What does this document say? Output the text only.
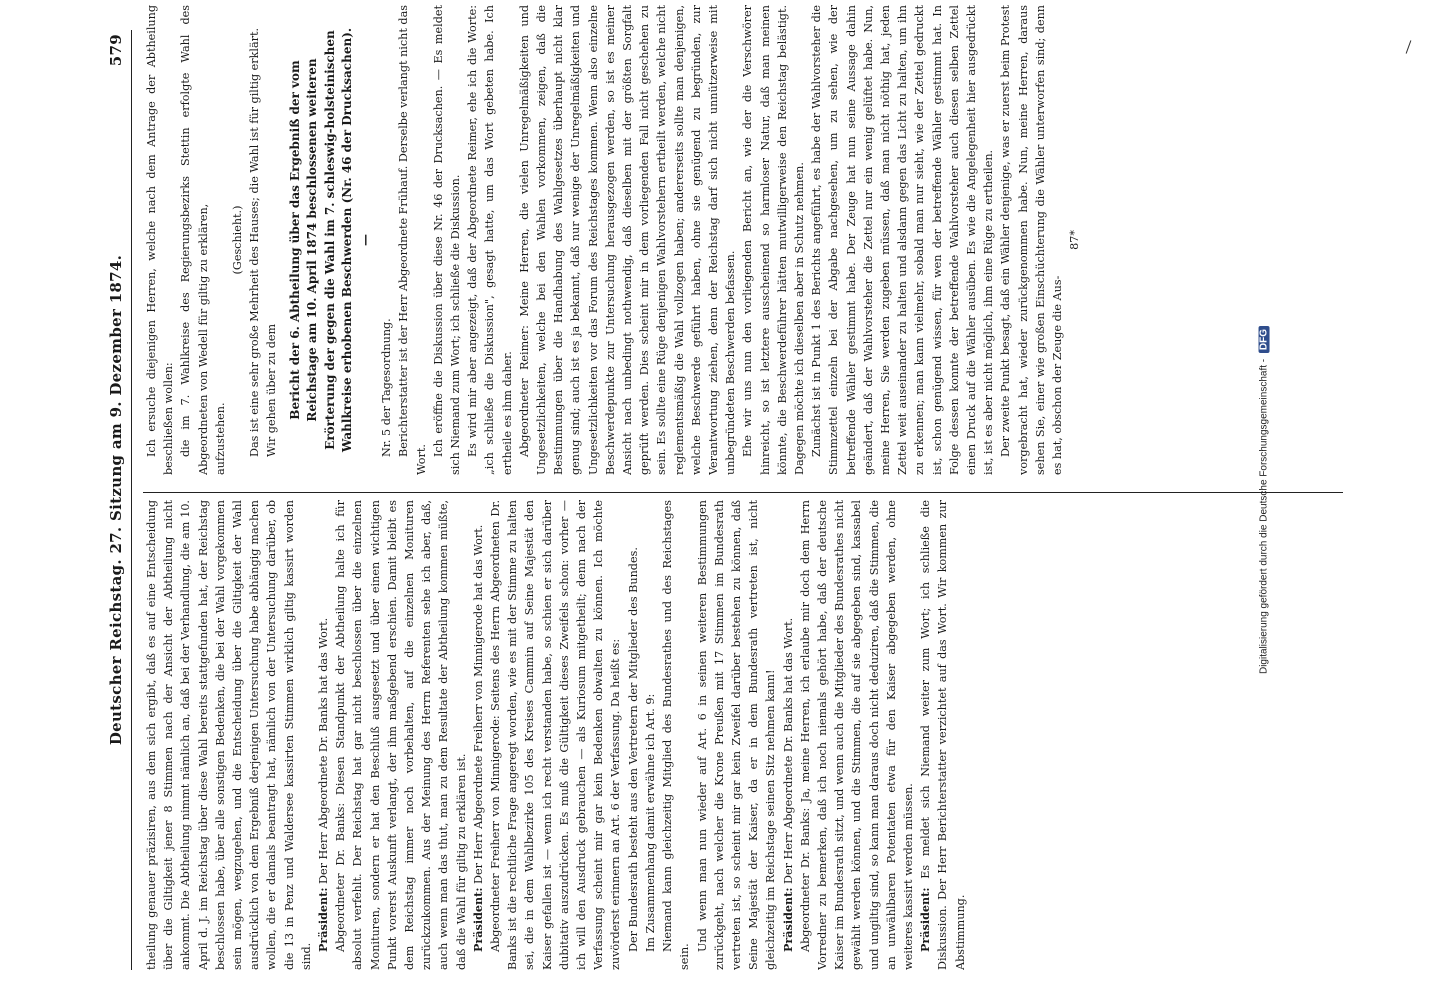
Deutscher Reichstag. 27. Sitzung am 9. Dezember 1874.
579

theilung genauer präzisiren, aus dem sich ergibt, daß es auf eine Entscheidung über die Giltigkeit jener 8 Stimmen nach der Ansicht der Abtheilung nicht ankommt. Die Abtheilung nimmt nämlich an, daß bei der Verhandlung, die am 10. April d. J. im Reichstag über diese Wahl bereits stattgefunden hat, der Reichstag beschlossen habe, über alle sonstigen Bedenken, die bei der Wahl vorgekommen sein mögen, wegzugehen, und die Entscheidung über die Giltigkeit der Wahl ausdrücklich von dem Ergebniß derjenigen Untersuchung habe abhängig machen wollen, die er damals beantragt hat, nämlich von der Untersuchung darüber, ob die 13 in Penz und Waldersee kassirten Stimmen wirklich giltig kassirt worden sind.

Präsident: Der Herr Abgeordnete Dr. Banks hat das Wort. Abgeordneter Dr. Banks: Diesen Standpunkt der Abtheilung halte ich für absolut verfehlt. Der Reichstag hat gar nicht beschlossen über die einzelnen Monituren, sondern er hat den Beschluß ausgesetzt und über einen wichtigen Punkt vorerst Auskunft verlangt, der ihm maßgebend erschien. Damit bleibt es dem Reichstag immer noch vorbehalten, auf die einzelnen Monituren zurückzukommen. Aus der Meinung des Herrn Referenten sehe ich aber, daß, auch wenn man das thut, man zu dem Resultate der Abtheilung kommen müßte, daß die Wahl für giltig zu erklären ist. Präsident: Der Herr Abgeordnete Freiherr von Minnigerode hat das Wort. Abgeordneter Freiherr von Minnigerode: Seitens des Herrn Abgeordneten Dr. Banks ist die rechtliche Frage angeregt worden, wie es mit der Stimme zu halten sei, die in dem Wahlbezirke 105 des Kreises Cammin auf Seine Majestät den Kaiser gefallen ist — wenn ich recht verstanden habe, so schien er sich darüber dubitativ auszudrücken. Es muß die Gültigkeit dieses Zweifels schon: vorher — ich will den Ausdruck gebrauchen — als Kuriosum mitgetheilt; denn nach der Verfassung scheint mir gar kein Bedenken obwalten zu können. Ich möchte zuvörderst erinnern an Art. 6 der Verfassung. Da heißt es: Der Bundesrath besteht aus den Vertretern der Mitglieder des Bundes. Im Zusammenhang damit erwähne ich Art. 9: Niemand kann gleichzeitig Mitglied des Bundesrathes und des Reichstages sein.

Und wenn man nun wieder auf Art. 6 in seinen weiteren Bestimmungen zurückgeht, nach welcher die Krone Preußen mit 17 Stimmen im Bundesrath vertreten ist, so scheint mir gar kein Zweifel darüber bestehen zu können, daß Seine Majestät der Kaiser, da er in dem Bundesrath vertreten ist, nicht gleichzeitig im Reichstage seinen Sitz nehmen kann! Präsident: Der Herr Abgeordnete Dr. Banks hat das Wort. Abgeordneter Dr. Banks: Ja, meine Herren, ich erlaube mir doch dem Herrn Vorredner zu bemerken, daß ich noch niemals gehört habe, daß der deutsche Kaiser im Bundesrath sitzt, und wenn auch die Mitglieder des Bundesrathes nicht gewählt werden können, und die Stimmen, die auf sie abgegeben sind, kassabel und ungiltig sind, so kann man daraus doch nicht deduziren, daß die Stimmen, die an unwählbaren Potentaten etwa für den Kaiser abgegeben werden, ohne weiteres kassirt werden müssen. Präsident: Es meldet sich Niemand weiter zum Wort; ich schließe die Diskussion. Der Herr Berichterstatter verzichtet auf das Wort. Wir kommen zur Abstimmung.

Ich ersuche diejenigen Herren, welche nach dem Antrage der Abtheilung beschließen wollen: die im 7. Wahlkreise des Regierungsbezirks Stettin erfolgte Wahl des Abgeordneten von Wedell für giltig zu erklären, aufzustehen.

(Geschieht.) Das ist eine sehr große Mehrheit des Hauses; die Wahl ist für giltig erklärt. Wir gehen über zu dem Bericht der 6. Abtheilung über das Ergebniß der vom Reichstage am 10. April 1874 beschlossenen weiteren Erörterung der gegen die Wahl im 7. schleswig-holsteinischen Wahlkreise erhobenen Beschwerden (Nr. 46 der Drucksachen). —

Nr. 5 der Tagesordnung. Berichterstatter ist der Herr Abgeordnete Frühauf. Derselbe verlangt nicht das Wort.

Ich eröffne die Diskussion über diese Nr. 46 der Drucksachen. — Es meldet sich Niemand zum Wort; ich schließe die Diskussion. Es wird mir aber angezeigt, daß der Abgeordnete Reimer, ehe ich die Worte: „ich schließe die Diskussion", gesagt hatte, um das Wort gebeten habe. Ich ertheile es ihm daher. Abgeordneter Reimer: Meine Herren, die vielen Unregelmäßigkeiten und Ungesetzlichkeiten, welche bei den Wahlen vorkommen, zeigen, daß die Bestimmungen über die Handhabung des Wahlgesetzes überhaupt nicht klar genug sind; auch ist es ja bekannt, daß nur wenige der Unregelmäßigkeiten und Ungesetzlichkeiten vor das Forum des Reichstages kommen. Wenn also einzelne Beschwerdepunkte zur Untersuchung herausgezogen werden, so ist es meiner Ansicht nach unbedingt nothwendig, daß dieselben mit der größten Sorgfalt geprüft werden. Dies scheint mir in dem vorliegenden Fall nicht geschehen zu sein. Es sollte eine Rüge denjenigen Wahlvorstehern ertheilt werden, welche nicht reglementsmäßig die Wahl vollzogen haben; andererseits sollte man denjenigen, welche Beschwerde geführt haben, ohne sie genügend zu begründen, zur Verantwortung ziehen, denn der Reichstag darf sich nicht unnützerweise mit unbegründeten Beschwerden befassen. Ehe wir uns nun den vorliegenden Bericht an, wie der die Verschwörer hinreicht, so ist letztere ausscheinend so harmloser Natur, daß man meinen könnte, die Beschwerdeführer hätten mutwilligerweise den Reichstag belästigt. Dagegen möchte ich dieselben aber in Schutz nehmen. Zunächst ist in Punkt 1 des Berichts angeführt, es habe der Wahlvorsteher die Stimmzettel einzeln bei der Abgabe nachgesehen, um zu sehen, wie der betreffende Wähler gestimmt habe. Der Zeuge hat nun seine Aussage dahin geändert, daß der Wahlvorsteher die Zettel nur ein wenig gelüftet habe. Nun, meine Herren, Sie werden zugeben müssen, daß man nicht nöthig hat, jeden Zettel weit auseinander zu halten und alsdann gegen das Licht zu halten, um ihn zu erkennen; man kann vielmehr, sobald man nur sieht, wie der Zettel gedruckt ist, schon genügend wissen, für wen der betreffende Wähler gestimmt hat. In Folge dessen konnte der betreffende Wahlvorsteher auch diesen selben Zettel einen Druck auf die Wähler ausüben. Es wie die Angelegenheit hier ausgedrückt ist, ist es aber nicht möglich, ihm eine Rüge zu ertheilen. Der zweite Punkt besagt, daß ein Wähler denjenige, was er zuerst beim Protest vorgebracht hat, wieder zurückgenommen habe. Nun, meine Herren, daraus sehen Sie, einer wie großen Einschüchterung die Wähler unterworfen sind; denn es hat, obschon der Zeuge die Aus-

87*

Digitalisierung gefördert durch die Deutsche Forschungsgemeinschaft - DFG
